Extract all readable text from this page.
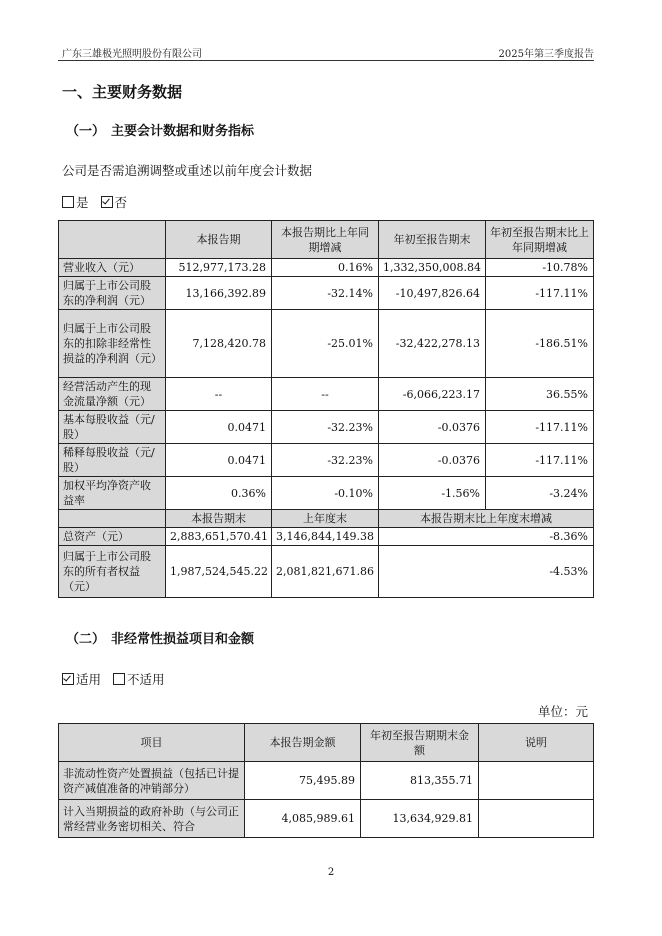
广东三雄极光照明股份有限公司	2025年第三季度报告
一、主要财务数据
（一） 主要会计数据和财务指标
公司是否需追溯调整或重述以前年度会计数据
是 否
	本报告期	本报告期比上年同期增减	年初至报告期末	年初至报告期末比上年同期增减
营业收入（元）	512,977,173.28	0.16%	1,332,350,008.84	-10.78%
归属于上市公司股东的净利润（元）	13,166,392.89	-32.14%	-10,497,826.64	-117.11%
归属于上市公司股东的扣除非经常性损益的净利润（元）	7,128,420.78	-25.01%	-32,422,278.13	-186.51%
经营活动产生的现金流量净额（元）	--	--	-6,066,223.17	36.55%
基本每股收益（元/股）	0.0471	-32.23%	-0.0376	-117.11%
稀释每股收益（元/股）	0.0471	-32.23%	-0.0376	-117.11%
加权平均净资产收益率	0.36%	-0.10%	-1.56%	-3.24%
	本报告期末	上年度末	本报告期末比上年度末增减	
总资产（元）	2,883,651,570.41	3,146,844,149.38	-8.36%	
归属于上市公司股东的所有者权益（元）	1,987,524,545.22	2,081,821,671.86	-4.53%	
（二） 非经常性损益项目和金额
适用 不适用
单位：元
项目	本报告期金额	年初至报告期期末金额	说明
非流动性资产处置损益（包括已计提资产减值准备的冲销部分）	75,495.89	813,355.71	
计入当期损益的政府补助（与公司正常经营业务密切相关、符合	4,085,989.61	13,634,929.81	
2
